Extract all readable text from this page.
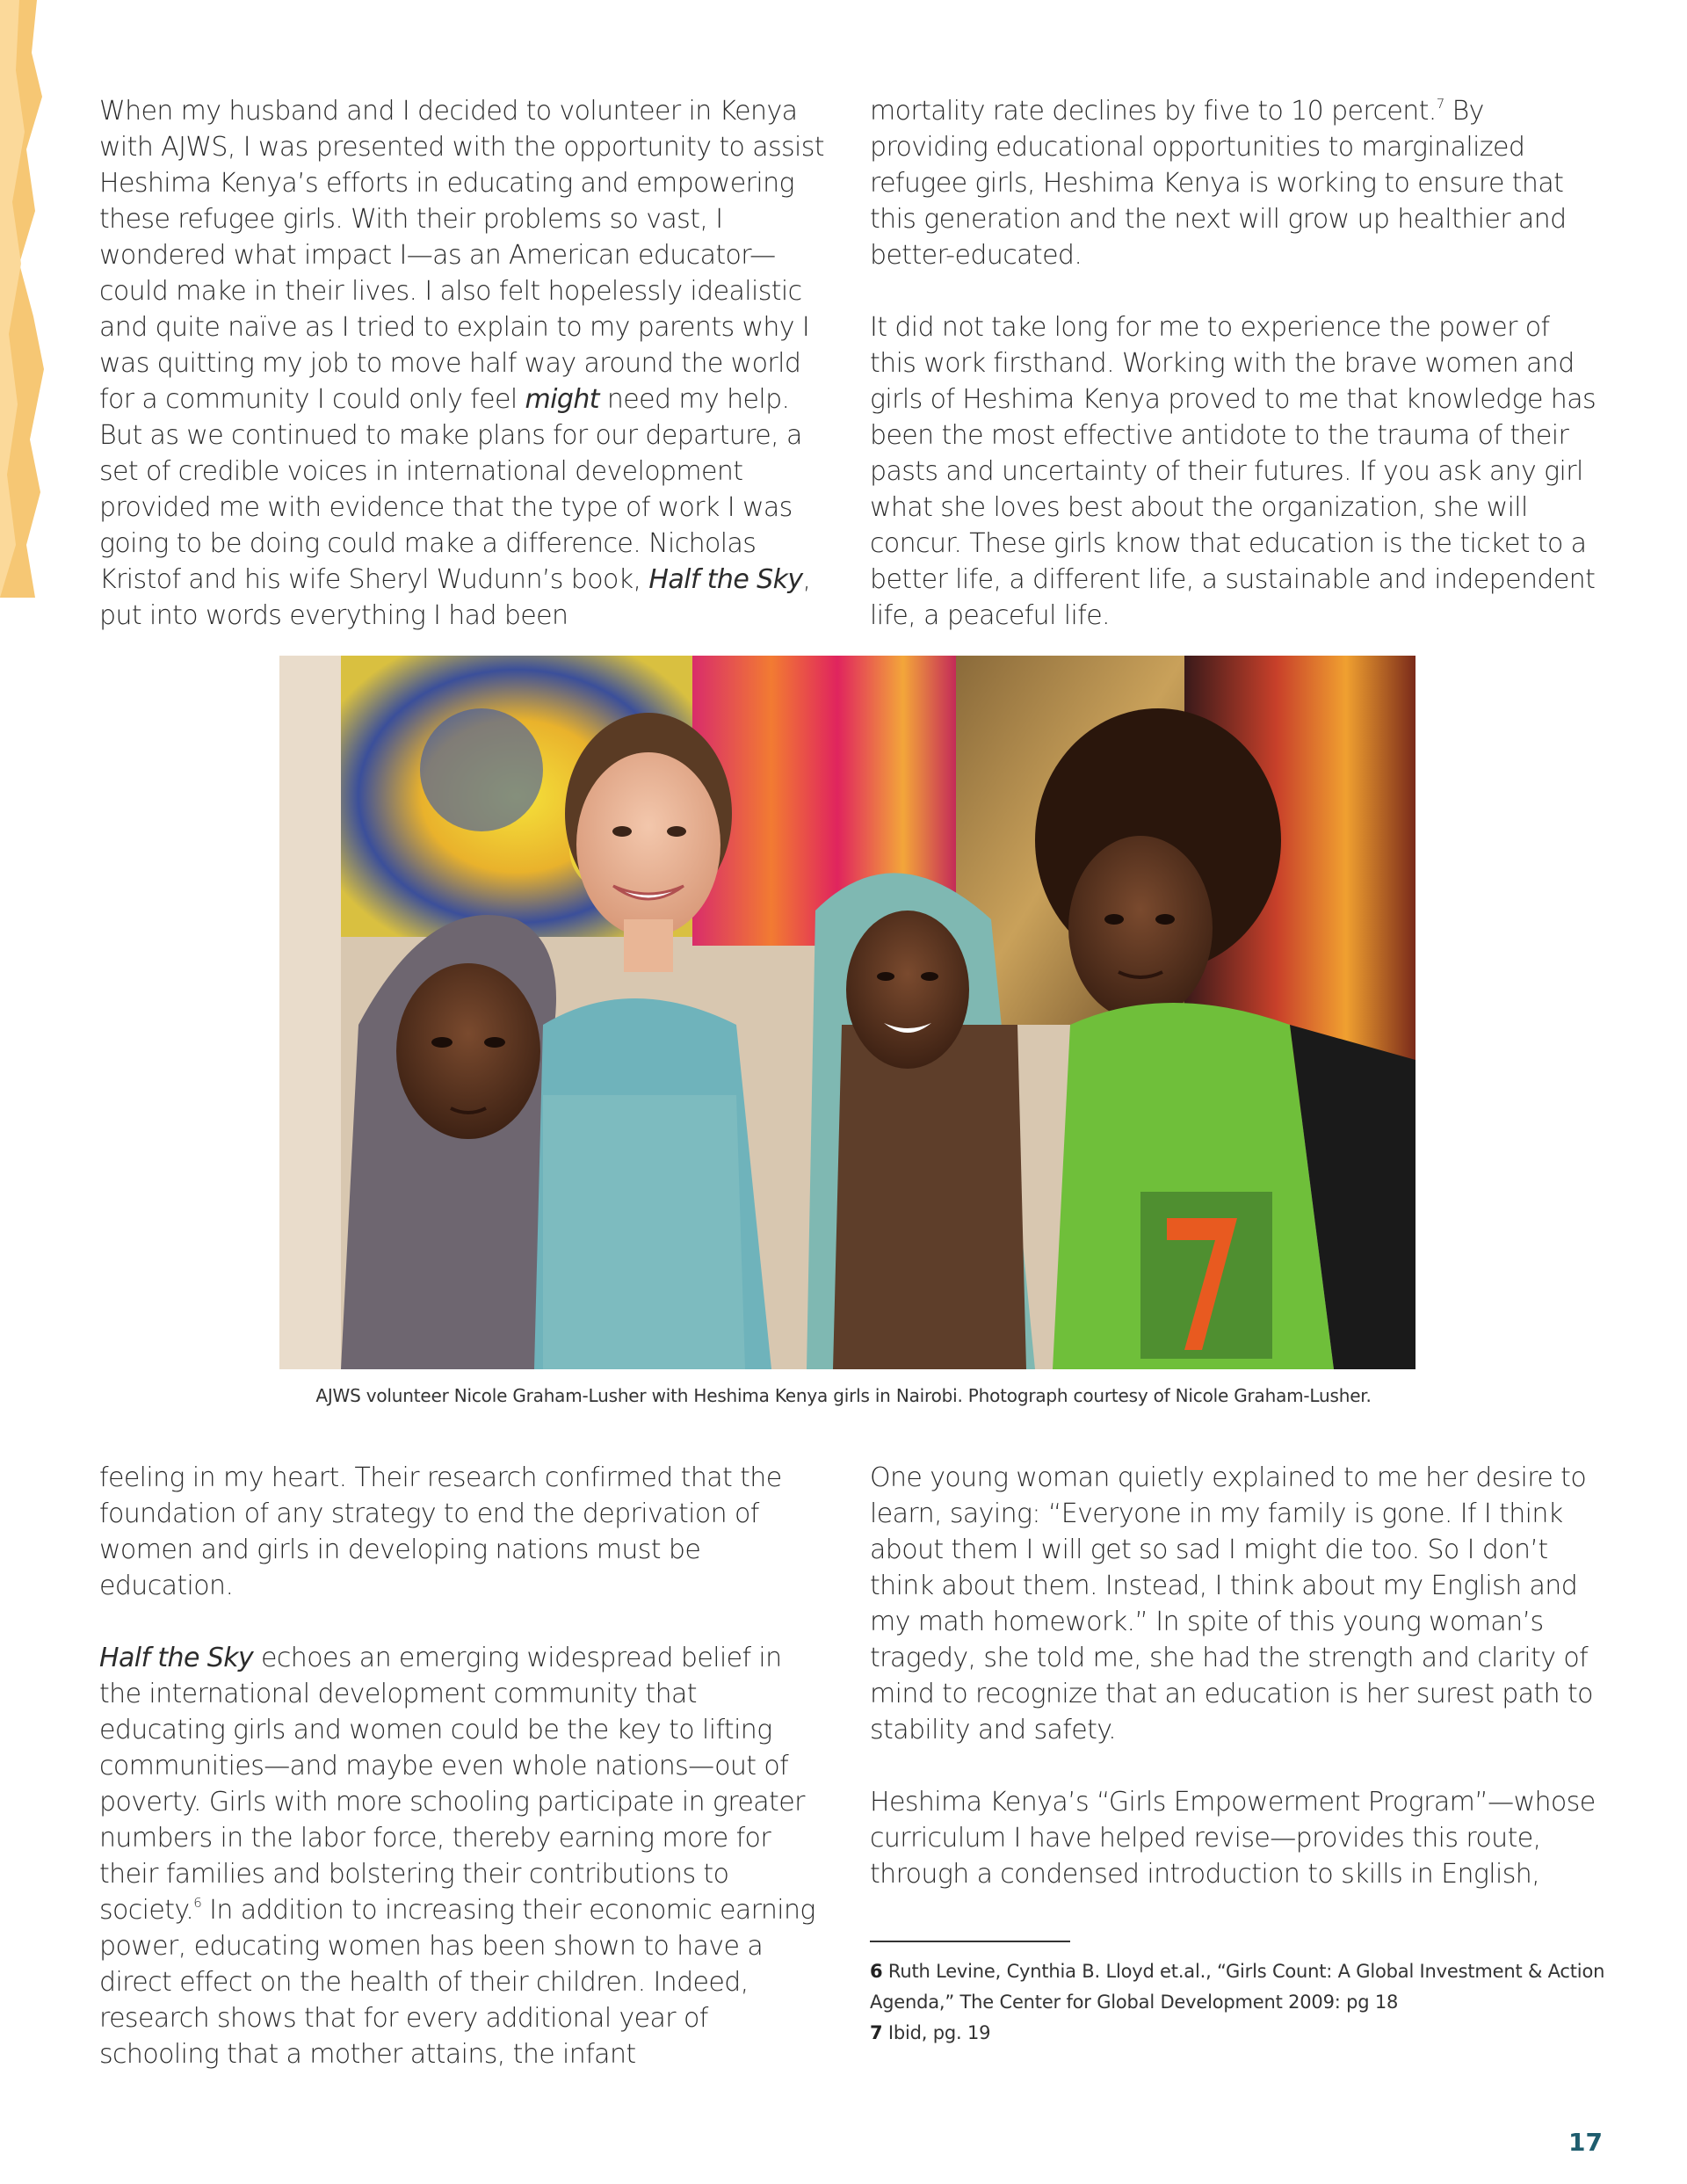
When my husband and I decided to volunteer in Kenya with AJWS, I was presented with the opportunity to assist Heshima Kenya’s efforts in educating and empowering these refugee girls. With their problems so vast, I wondered what impact I—as an American educator—could make in their lives. I also felt hopelessly idealistic and quite naïve as I tried to explain to my parents why I was quitting my job to move half way around the world for a community I could only feel might need my help. But as we continued to make plans for our departure, a set of credible voices in international development provided me with evidence that the type of work I was going to be doing could make a difference. Nicholas Kristof and his wife Sheryl Wudunn’s book, Half the Sky, put into words everything I had been

mortality rate declines by five to 10 percent.$^7$ By providing educational opportunities to marginalized refugee girls, Heshima Kenya is working to ensure that this generation and the next will grow up healthier and better-educated.

It did not take long for me to experience the power of this work firsthand. Working with the brave women and girls of Heshima Kenya proved to me that knowledge has been the most effective antidote to the trauma of their pasts and uncertainty of their futures. If you ask any girl what she loves best about the organization, she will concur. These girls know that education is the ticket to a better life, a different life, a sustainable and independent life, a peaceful life.

AJWS volunteer Nicole Graham-Lusher with Heshima Kenya girls in Nairobi. Photograph courtesy of Nicole Graham-Lusher.

feeling in my heart. Their research confirmed that the foundation of any strategy to end the deprivation of women and girls in developing nations must be education.

Half the Sky echoes an emerging widespread belief in the international development community that educating girls and women could be the key to lifting communities—and maybe even whole nations—out of poverty. Girls with more schooling participate in greater numbers in the labor force, thereby earning more for their families and bolstering their contributions to society.$^6$ In addition to increasing their economic earning power, educating women has been shown to have a direct effect on the health of their children. Indeed, research shows that for every additional year of schooling that a mother attains, the infant

One young woman quietly explained to me her desire to learn, saying: “Everyone in my family is gone. If I think about them I will get so sad I might die too. So I don’t think about them. Instead, I think about my English and my math homework.” In spite of this young woman’s tragedy, she told me, she had the strength and clarity of mind to recognize that an education is her surest path to stability and safety.

Heshima Kenya’s “Girls Empowerment Program”—whose curriculum I have helped revise—provides this route, through a condensed introduction to skills in English,

6 Ruth Levine, Cynthia B. Lloyd et.al., “Girls Count: A Global Investment & Action Agenda,” The Center for Global Development 2009: pg 18
7 Ibid, pg. 19
17
